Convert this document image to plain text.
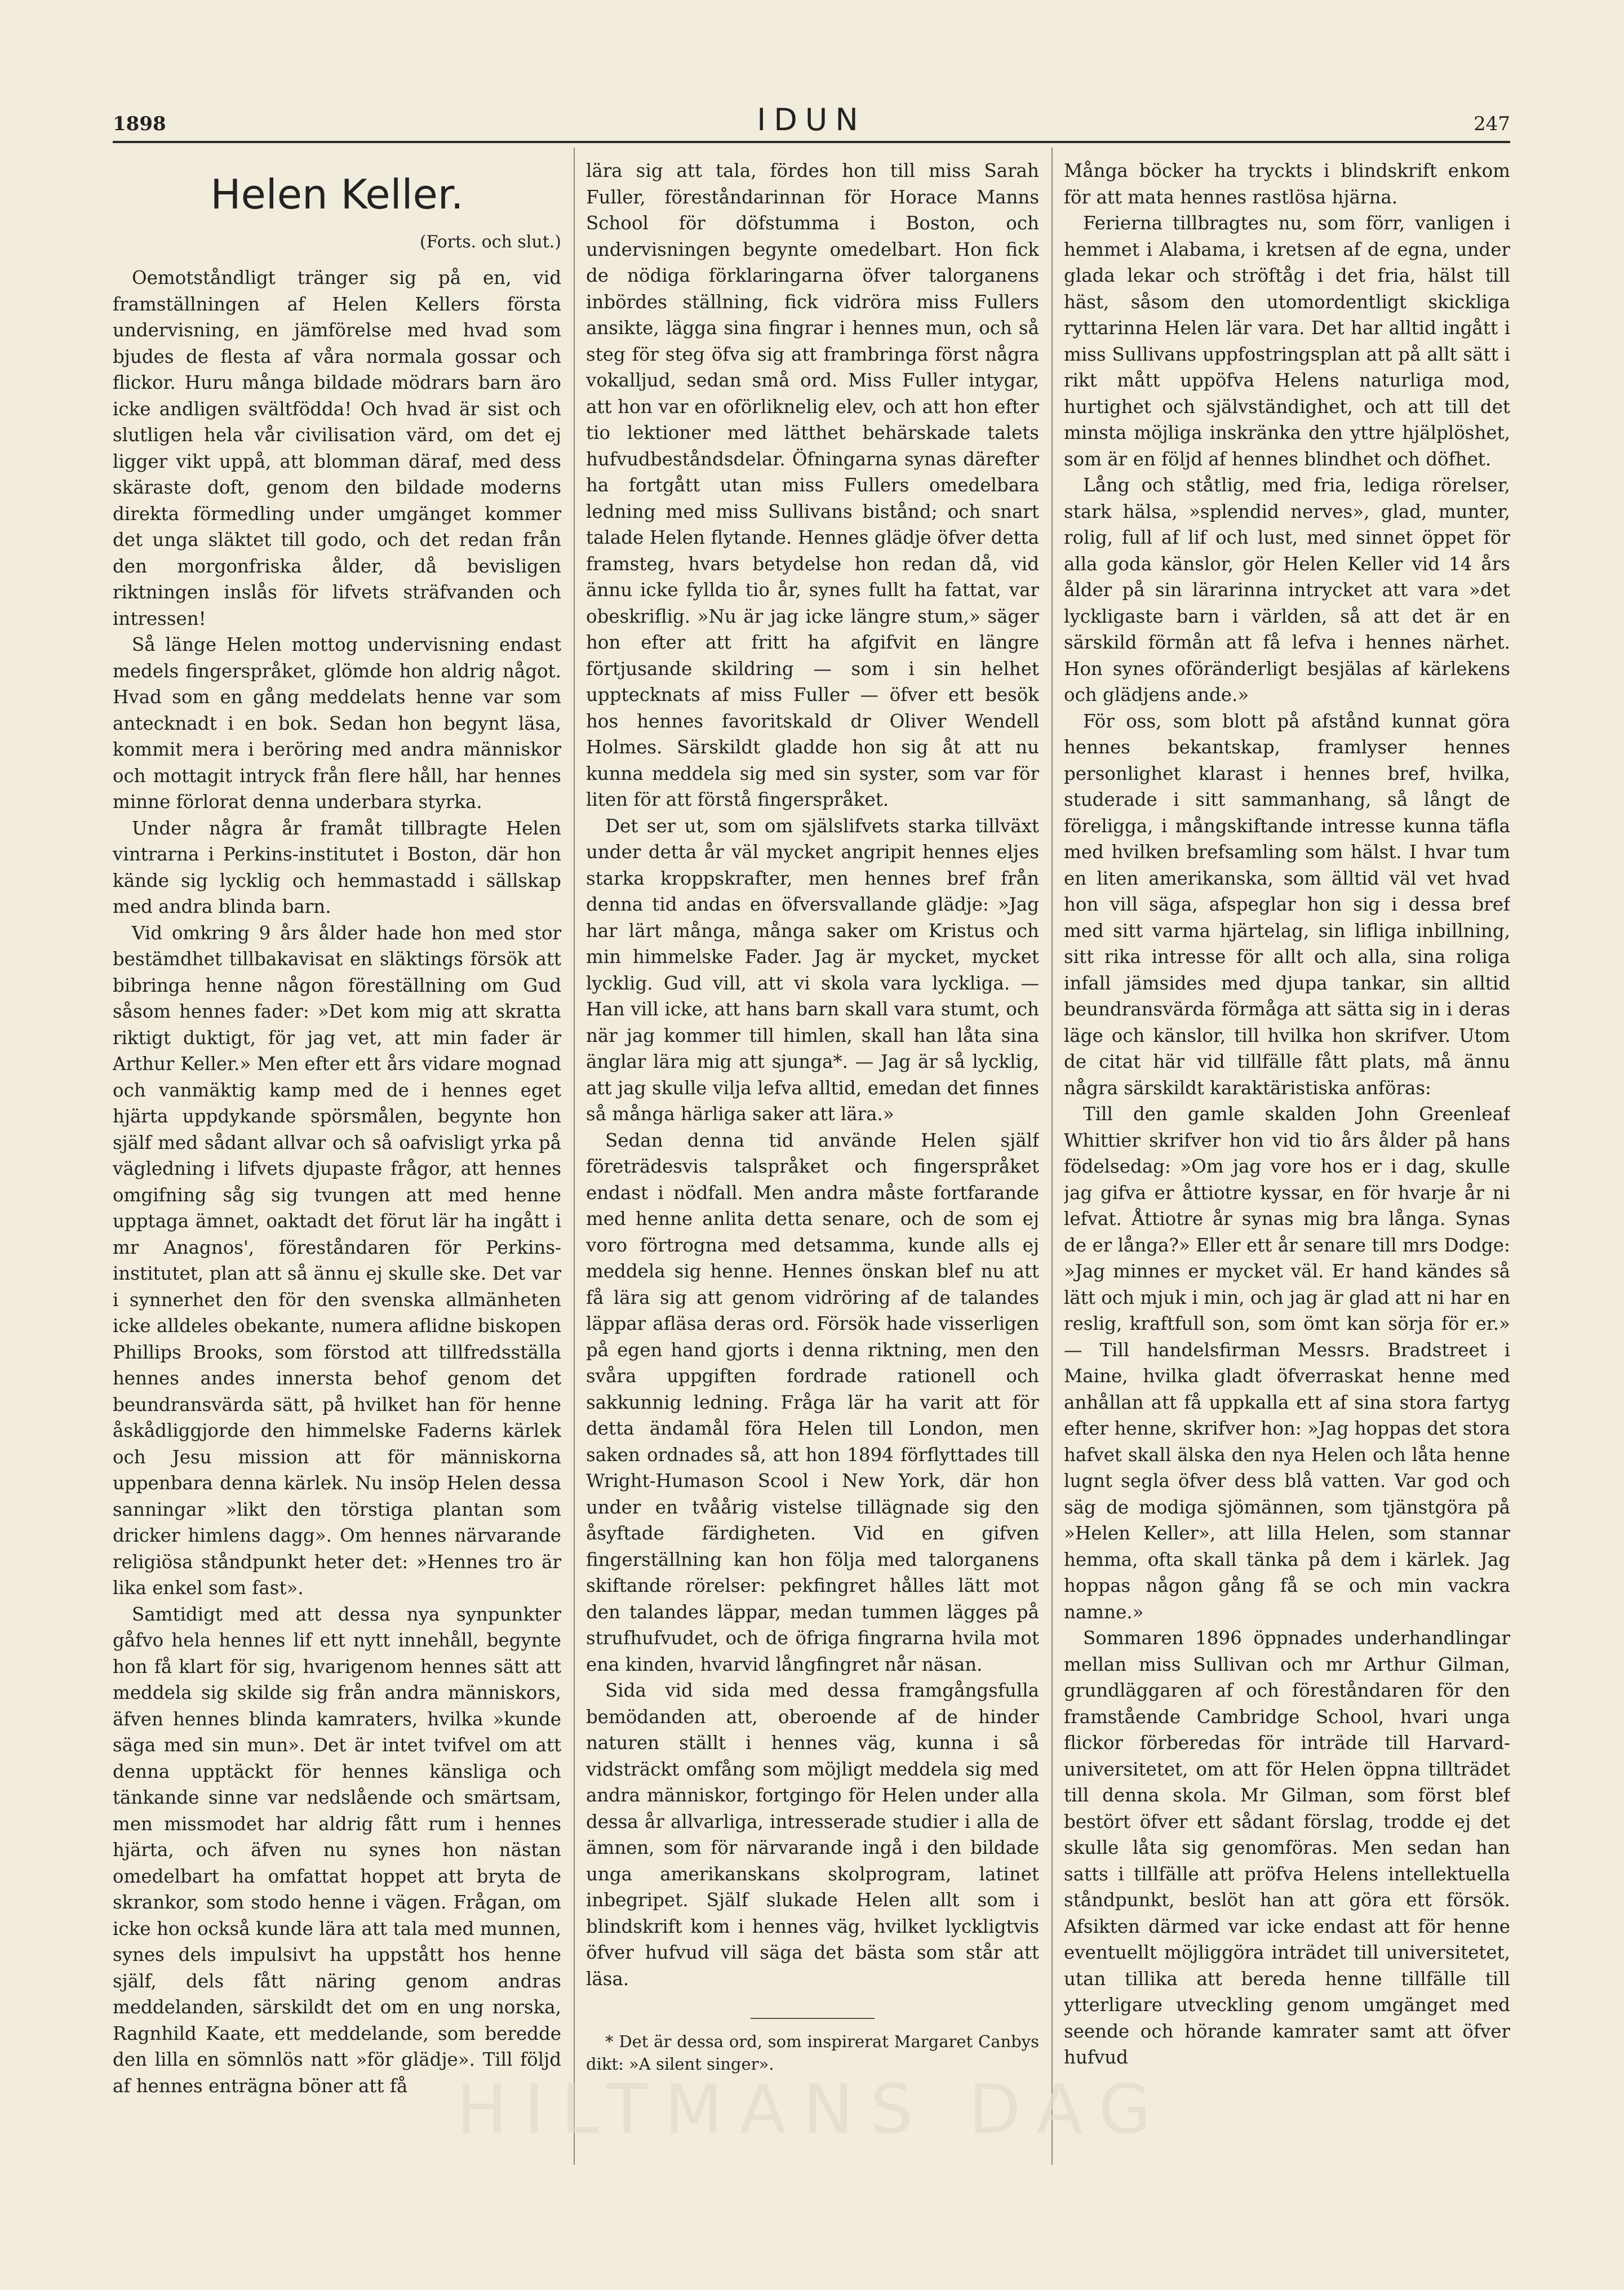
1898	IDUN	247
Helen Keller.
(Forts. och slut.)

Oemotståndligt tränger sig på en, vid framställningen af Helen Kellers första undervisning, en jämförelse med hvad som bjudes de flesta af våra normala gossar och flickor. Huru många bildade mödrars barn äro icke andligen svältfödda! Och hvad är sist och slutligen hela vår civilisation värd, om det ej ligger vikt uppå, att blomman däraf, med dess skäraste doft, genom den bildade moderns direkta förmedling under umgänget kommer det unga släktet till godo, och det redan från den morgonfriska ålder, då bevisligen riktningen inslås för lifvets sträfvanden och intressen!

Så länge Helen mottog undervisning endast medels fingerspråket, glömde hon aldrig något. Hvad som en gång meddelats henne var som antecknadt i en bok. Sedan hon begynt läsa, kommit mera i beröring med andra människor och mottagit intryck från flere håll, har hennes minne förlorat denna underbara styrka.

Under några år framåt tillbragte Helen vintrarna i Perkins-institutet i Boston, där hon kände sig lycklig och hemmastadd i sällskap med andra blinda barn.

Vid omkring 9 års ålder hade hon med stor bestämdhet tillbakavisat en släktings försök att bibringa henne någon föreställning om Gud såsom hennes fader: »Det kom mig att skratta riktigt duktigt, för jag vet, att min fader är Arthur Keller.» Men efter ett års vidare mognad och vanmäktig kamp med de i hennes eget hjärta uppdykande spörsmålen, begynte hon själf med sådant allvar och så oafvisligt yrka på vägledning i lifvets djupaste frågor, att hennes omgifning såg sig tvungen att med henne upptaga ämnet, oaktadt det förut lär ha ingått i mr Anagnos', föreståndaren för Perkins-institutet, plan att så ännu ej skulle ske. Det var i synnerhet den för den svenska allmänheten icke alldeles obekante, numera aflidne biskopen Phillips Brooks, som förstod att tillfredsställa hennes andes innersta behof genom det beundransvärda sätt, på hvilket han för henne åskådliggjorde den himmelske Faderns kärlek och Jesu mission att för människorna uppenbara denna kärlek. Nu insöp Helen dessa sanningar »likt den törstiga plantan som dricker himlens dagg». Om hennes närvarande religiösa ståndpunkt heter det: »Hennes tro är lika enkel som fast».

Samtidigt med att dessa nya synpunkter gåfvo hela hennes lif ett nytt innehåll, begynte hon få klart för sig, hvarigenom hennes sätt att meddela sig skilde sig från andra människors, äfven hennes blinda kamraters, hvilka »kunde säga med sin mun». Det är intet tvifvel om att denna upptäckt för hennes känsliga och tänkande sinne var nedslående och smärtsam, men missmodet har aldrig fått rum i hennes hjärta, och äfven nu synes hon nästan omedelbart ha omfattat hoppet att bryta de skrankor, som stodo henne i vägen. Frågan, om icke hon också kunde lära att tala med munnen, synes dels impulsivt ha uppstått hos henne själf, dels fått näring genom andras meddelanden, särskildt det om en ung norska, Ragnhild Kaate, ett meddelande, som beredde den lilla en sömnlös natt »för glädje». Till följd af hennes enträgna böner att få

lära sig att tala, fördes hon till miss Sarah Fuller, föreståndarinnan för Horace Manns School för döfstumma i Boston, och undervisningen begynte omedelbart. Hon fick de nödiga förklaringarna öfver talorganens inbördes ställning, fick vidröra miss Fullers ansikte, lägga sina fingrar i hennes mun, och så steg för steg öfva sig att frambringa först några vokalljud, sedan små ord. Miss Fuller intygar, att hon var en oförliknelig elev, och att hon efter tio lektioner med lätthet behärskade talets hufvudbeståndsdelar. Öfningarna synas därefter ha fortgått utan miss Fullers omedelbara ledning med miss Sullivans bistånd; och snart talade Helen flytande. Hennes glädje öfver detta framsteg, hvars betydelse hon redan då, vid ännu icke fyllda tio år, synes fullt ha fattat, var obeskriflig. »Nu är jag icke längre stum,» säger hon efter att fritt ha afgifvit en längre förtjusande skildring — som i sin helhet upptecknats af miss Fuller — öfver ett besök hos hennes favoritskald dr Oliver Wendell Holmes. Särskildt gladde hon sig åt att nu kunna meddela sig med sin syster, som var för liten för att förstå fingerspråket.

Det ser ut, som om själslifvets starka tillväxt under detta år väl mycket angripit hennes eljes starka kroppskrafter, men hennes bref från denna tid andas en öfversvallande glädje: »Jag har lärt många, många saker om Kristus och min himmelske Fader. Jag är mycket, mycket lycklig. Gud vill, att vi skola vara lyckliga. — Han vill icke, att hans barn skall vara stumt, och när jag kommer till himlen, skall han låta sina änglar lära mig att sjunga*. — Jag är så lycklig, att jag skulle vilja lefva alltid, emedan det finnes så många härliga saker att lära.»

Sedan denna tid använde Helen själf företrädesvis talspråket och fingerspråket endast i nödfall. Men andra måste fortfarande med henne anlita detta senare, och de som ej voro förtrogna med detsamma, kunde alls ej meddela sig henne. Hennes önskan blef nu att få lära sig att genom vidröring af de talandes läppar afläsa deras ord. Försök hade visserligen på egen hand gjorts i denna riktning, men den svåra uppgiften fordrade rationell och sakkunnig ledning. Fråga lär ha varit att för detta ändamål föra Helen till London, men saken ordnades så, att hon 1894 förflyttades till Wright-Humason Scool i New York, där hon under en tvåårig vistelse tillägnade sig den åsyftade färdigheten. Vid en gifven fingerställning kan hon följa med talorganens skiftande rörelser: pekfingret hålles lätt mot den talandes läppar, medan tummen lägges på strufhufvudet, och de öfriga fingrarna hvila mot ena kinden, hvarvid långfingret når näsan.

Sida vid sida med dessa framgångsfulla bemödanden att, oberoende af de hinder naturen ställt i hennes väg, kunna i så vidsträckt omfång som möjligt meddela sig med andra människor, fortgingo för Helen under alla dessa år allvarliga, intresserade studier i alla de ämnen, som för närvarande ingå i den bildade unga amerikanskans skolprogram, latinet inbegripet. Själf slukade Helen allt som i blindskrift kom i hennes väg, hvilket lyckligtvis öfver hufvud vill säga det bästa som står att läsa.

* Det är dessa ord, som inspirerat Margaret Canbys dikt: »A silent singer».

Många böcker ha tryckts i blindskrift enkom för att mata hennes rastlösa hjärna.

Ferierna tillbragtes nu, som förr, vanligen i hemmet i Alabama, i kretsen af de egna, under glada lekar och ströftåg i det fria, hälst till häst, såsom den utomordentligt skickliga ryttarinna Helen lär vara. Det har alltid ingått i miss Sullivans uppfostringsplan att på allt sätt i rikt mått uppöfva Helens naturliga mod, hurtighet och självständighet, och att till det minsta möjliga inskränka den yttre hjälplöshet, som är en följd af hennes blindhet och döfhet.

Lång och ståtlig, med fria, lediga rörelser, stark hälsa, »splendid nerves», glad, munter, rolig, full af lif och lust, med sinnet öppet för alla goda känslor, gör Helen Keller vid 14 års ålder på sin lärarinna intrycket att vara »det lyckligaste barn i världen, så att det är en särskild förmån att få lefva i hennes närhet. Hon synes oföränderligt besjälas af kärlekens och glädjens ande.»

För oss, som blott på afstånd kunnat göra hennes bekantskap, framlyser hennes personlighet klarast i hennes bref, hvilka, studerade i sitt sammanhang, så långt de föreligga, i mångskiftande intresse kunna täfla med hvilken brefsamling som hälst. I hvar tum en liten amerikanska, som älltid väl vet hvad hon vill säga, afspeglar hon sig i dessa bref med sitt varma hjärtelag, sin lifliga inbillning, sitt rika intresse för allt och alla, sina roliga infall jämsides med djupa tankar, sin alltid beundransvärda förmåga att sätta sig in i deras läge och känslor, till hvilka hon skrifver. Utom de citat här vid tillfälle fått plats, må ännu några särskildt karaktäristiska anföras:

Till den gamle skalden John Greenleaf Whittier skrifver hon vid tio års ålder på hans födelsedag: »Om jag vore hos er i dag, skulle jag gifva er åttiotre kyssar, en för hvarje år ni lefvat. Åttiotre år synas mig bra långa. Synas de er långa?» Eller ett år senare till mrs Dodge: »Jag minnes er mycket väl. Er hand kändes så lätt och mjuk i min, och jag är glad att ni har en reslig, kraftfull son, som ömt kan sörja för er.» — Till handelsfirman Messrs. Bradstreet i Maine, hvilka gladt öfverraskat henne med anhållan att få uppkalla ett af sina stora fartyg efter henne, skrifver hon: »Jag hoppas det stora hafvet skall älska den nya Helen och låta henne lugnt segla öfver dess blå vatten. Var god och säg de modiga sjömännen, som tjänstgöra på »Helen Keller», att lilla Helen, som stannar hemma, ofta skall tänka på dem i kärlek. Jag hoppas någon gång få se och min vackra namne.»

Sommaren 1896 öppnades underhandlingar mellan miss Sullivan och mr Arthur Gilman, grundläggaren af och föreståndaren för den framstående Cambridge School, hvari unga flickor förberedas för inträde till Harvard-universitetet, om att för Helen öppna tillträdet till denna skola. Mr Gilman, som först blef bestört öfver ett sådant förslag, trodde ej det skulle låta sig genomföras. Men sedan han satts i tillfälle att pröfva Helens intellektuella ståndpunkt, beslöt han att göra ett försök. Afsikten därmed var icke endast att för henne eventuellt möjliggöra inträdet till universitetet, utan tillika att bereda henne tillfälle till ytterligare utveckling genom umgänget med seende och hörande kamrater samt att öfver hufvud

HILTMANS DAG
